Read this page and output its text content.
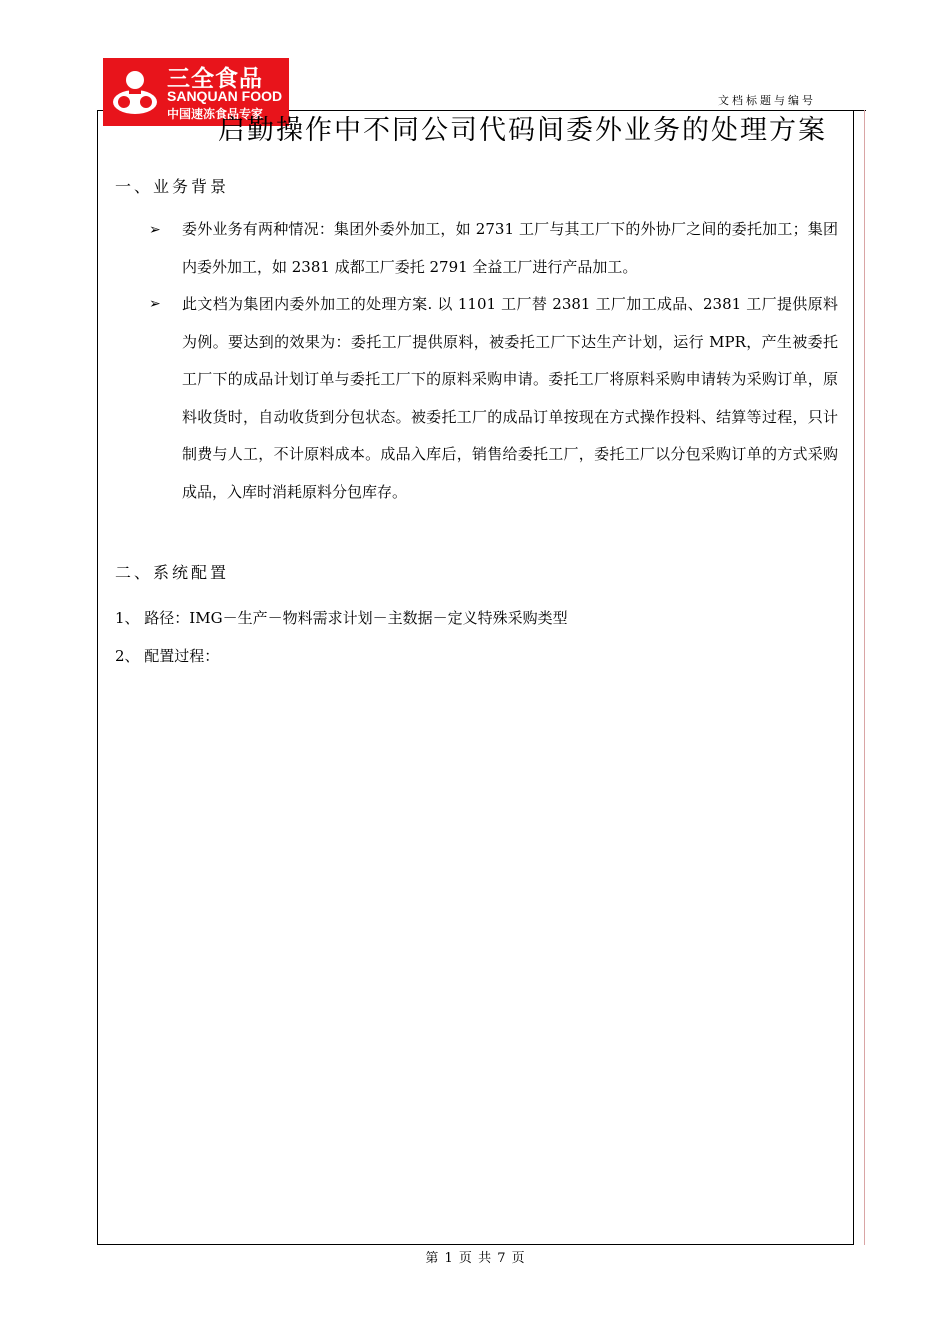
三全食品
SANQUAN FOOD
中国速冻食品专家
文档标题与编号
启勤操作中不同公司代码间委外业务的处理方案
一、业务背景
➢ 委外业务有两种情况：集团外委外加工，如 2731 工厂与其工厂下的外协厂之间的委托加工；集团内委外加工，如 2381 成都工厂委托 2791 全益工厂进行产品加工。
➢ 此文档为集团内委外加工的处理方案. 以 1101 工厂替 2381 工厂加工成品、2381 工厂提供原料为例。要达到的效果为：委托工厂提供原料，被委托工厂下达生产计划，运行 MPR，产生被委托工厂下的成品计划订单与委托工厂下的原料采购申请。委托工厂将原料采购申请转为采购订单，原料收货时，自动收货到分包状态。被委托工厂的成品订单按现在方式操作投料、结算等过程，只计制费与人工，不计原料成本。成品入库后，销售给委托工厂，委托工厂以分包采购订单的方式采购成品，入库时消耗原料分包库存。
二、系统配置
1、 路径：IMG－生产－物料需求计划－主数据－定义特殊采购类型
2、 配置过程：
第 1 页 共 7 页
